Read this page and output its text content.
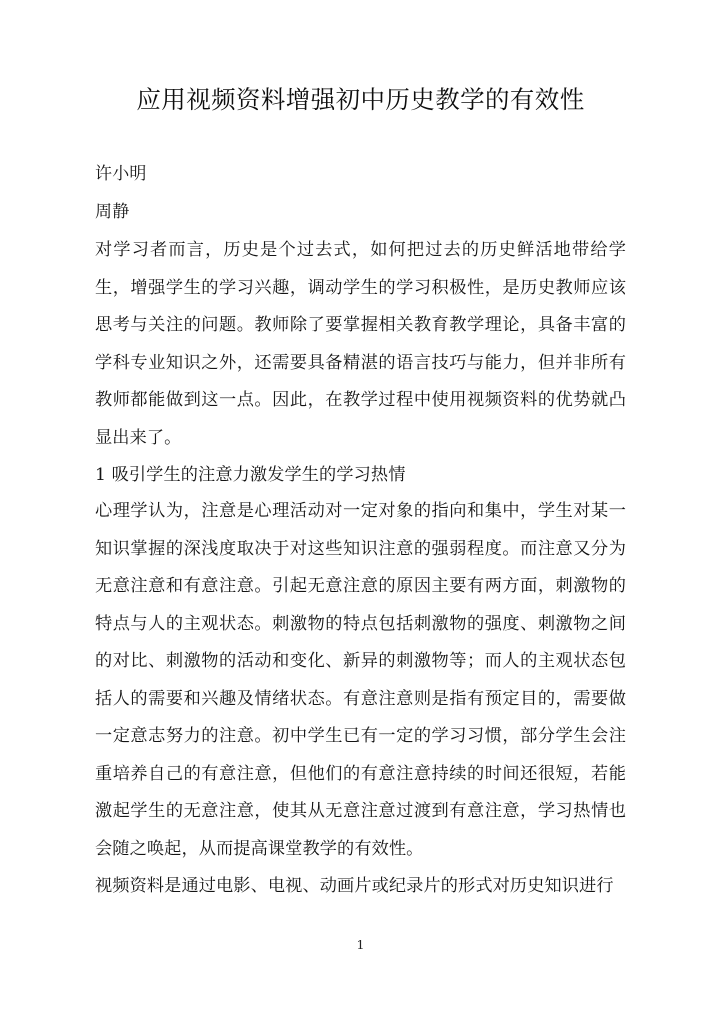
应用视频资料增强初中历史教学的有效性
许小明
周静

对学习者而言，历史是个过去式，如何把过去的历史鲜活地带给学生，增强学生的学习兴趣，调动学生的学习积极性，是历史教师应该思考与关注的问题。教师除了要掌握相关教育教学理论，具备丰富的学科专业知识之外，还需要具备精湛的语言技巧与能力，但并非所有教师都能做到这一点。因此，在教学过程中使用视频资料的优势就凸显出来了。

1 吸引学生的注意力激发学生的学习热情

心理学认为，注意是心理活动对一定对象的指向和集中，学生对某一知识掌握的深浅度取决于对这些知识注意的强弱程度。而注意又分为无意注意和有意注意。引起无意注意的原因主要有两方面，刺激物的特点与人的主观状态。刺激物的特点包括刺激物的强度、刺激物之间的对比、刺激物的活动和变化、新异的刺激物等；而人的主观状态包括人的需要和兴趣及情绪状态。有意注意则是指有预定目的，需要做一定意志努力的注意。初中学生已有一定的学习习惯，部分学生会注重培养自己的有意注意，但他们的有意注意持续的时间还很短，若能激起学生的无意注意，使其从无意注意过渡到有意注意，学习热情也会随之唤起，从而提高课堂教学的有效性。

视频资料是通过电影、电视、动画片或纪录片的形式对历史知识进行

1
